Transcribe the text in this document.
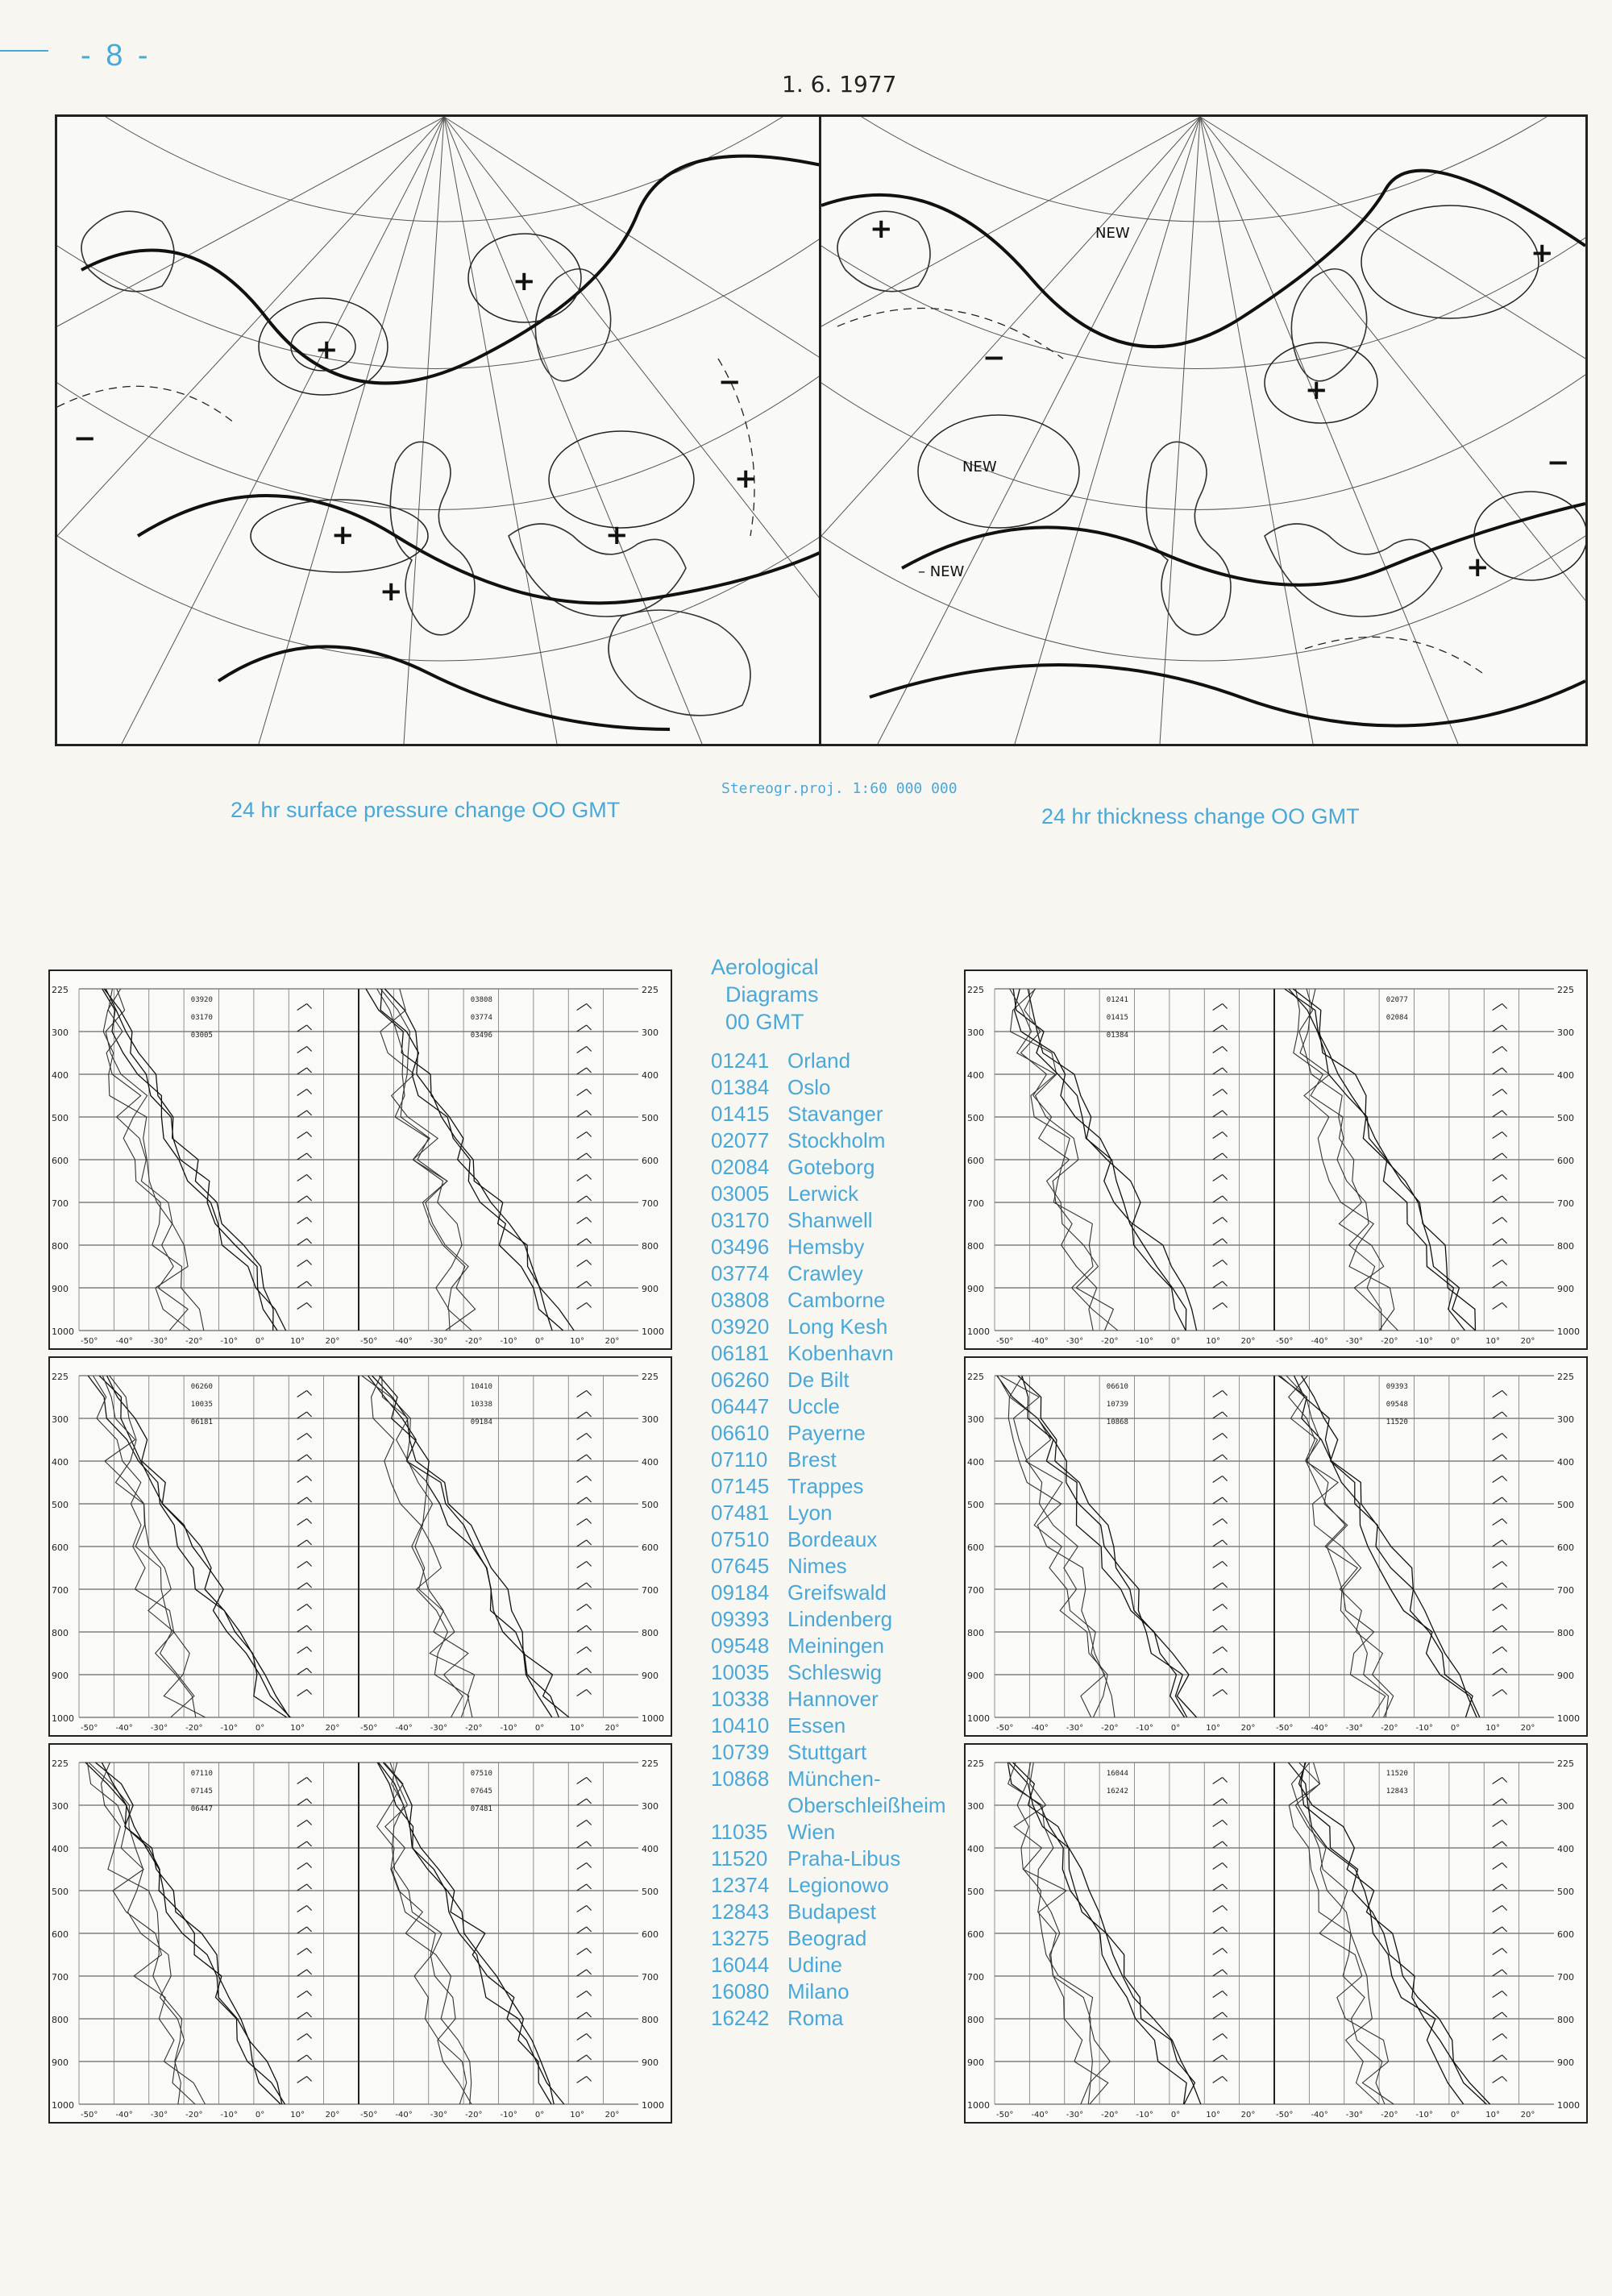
- 8 -
1. 6. 1977
+
+
+
+
+
+
−
−
+
+
+
+
−
−
NEW
– NEW
NEW
24 hr surface pressure change OO GMT
Stereogr.proj. 1:60 000 000
24 hr thickness change OO GMT
225	225
300	300
400	400
500	500
600	600
700	700
800	800
900	900
1000	1000
-50° -40° -30° -20° -10° 0°	10°	20°	-50° -40° -30° -20° -10° 0°	10°	20°
03920
03170
03005
03808
03774
03496
225	225
300	300
400	400
500	500
600	600
700	700
800	800
900	900
1000	1000
-50° -40° -30° -20° -10° 0°	10°	20°	-50° -40° -30° -20° -10° 0°	10°	20°
06260
10035
06181
10410
10338
09184
225	225
300	300
400	400
500	500
600	600
700	700
800	800
900	900
1000	1000
-50° -40° -30° -20° -10° 0°	10°	20°	-50° -40° -30° -20° -10° 0°	10°	20°
07110
07145
06447
07510
07645
07481
225	225
300	300
400	400
500	500
600	600
700	700
800	800
900	900
1000	1000
-50° -40° -30° -20° -10° 0°	10°	20°	-50° -40° -30° -20° -10° 0°	10°	20°
01241
01415
01384
02077
02084
225	225
300	300
400	400
500	500
600	600
700	700
800	800
900	900
1000	1000
-50° -40° -30° -20° -10° 0°	10°	20°	-50° -40° -30° -20° -10° 0°	10°	20°
06610
10739
10868
09393
09548
11520
225	225
300	300
400	400
500	500
600	600
700	700
800	800
900	900
1000	1000
-50° -40° -30° -20° -10° 0°	10°	20°	-50° -40° -30° -20° -10° 0°	10°	20°
16044
16242
11520
12843
Aerological
Diagrams
00 GMT
01241 Orland
01384 Oslo
01415 Stavanger
02077 Stockholm
02084 Goteborg
03005 Lerwick
03170 Shanwell
03496 Hemsby
03774 Crawley
03808 Camborne
03920 Long Kesh
06181 Kobenhavn
06260 De Bilt
06447 Uccle
06610 Payerne
07110 Brest
07145 Trappes
07481 Lyon
07510 Bordeaux
07645 Nimes
09184 Greifswald
09393 Lindenberg
09548 Meiningen
10035 Schleswig
10338 Hannover
10410 Essen
10739 Stuttgart
10868 München-
Oberschleißheim
11035 Wien
11520 Praha-Libus
12374 Legionowo
12843 Budapest
13275 Beograd
16044 Udine
16080 Milano
16242 Roma
